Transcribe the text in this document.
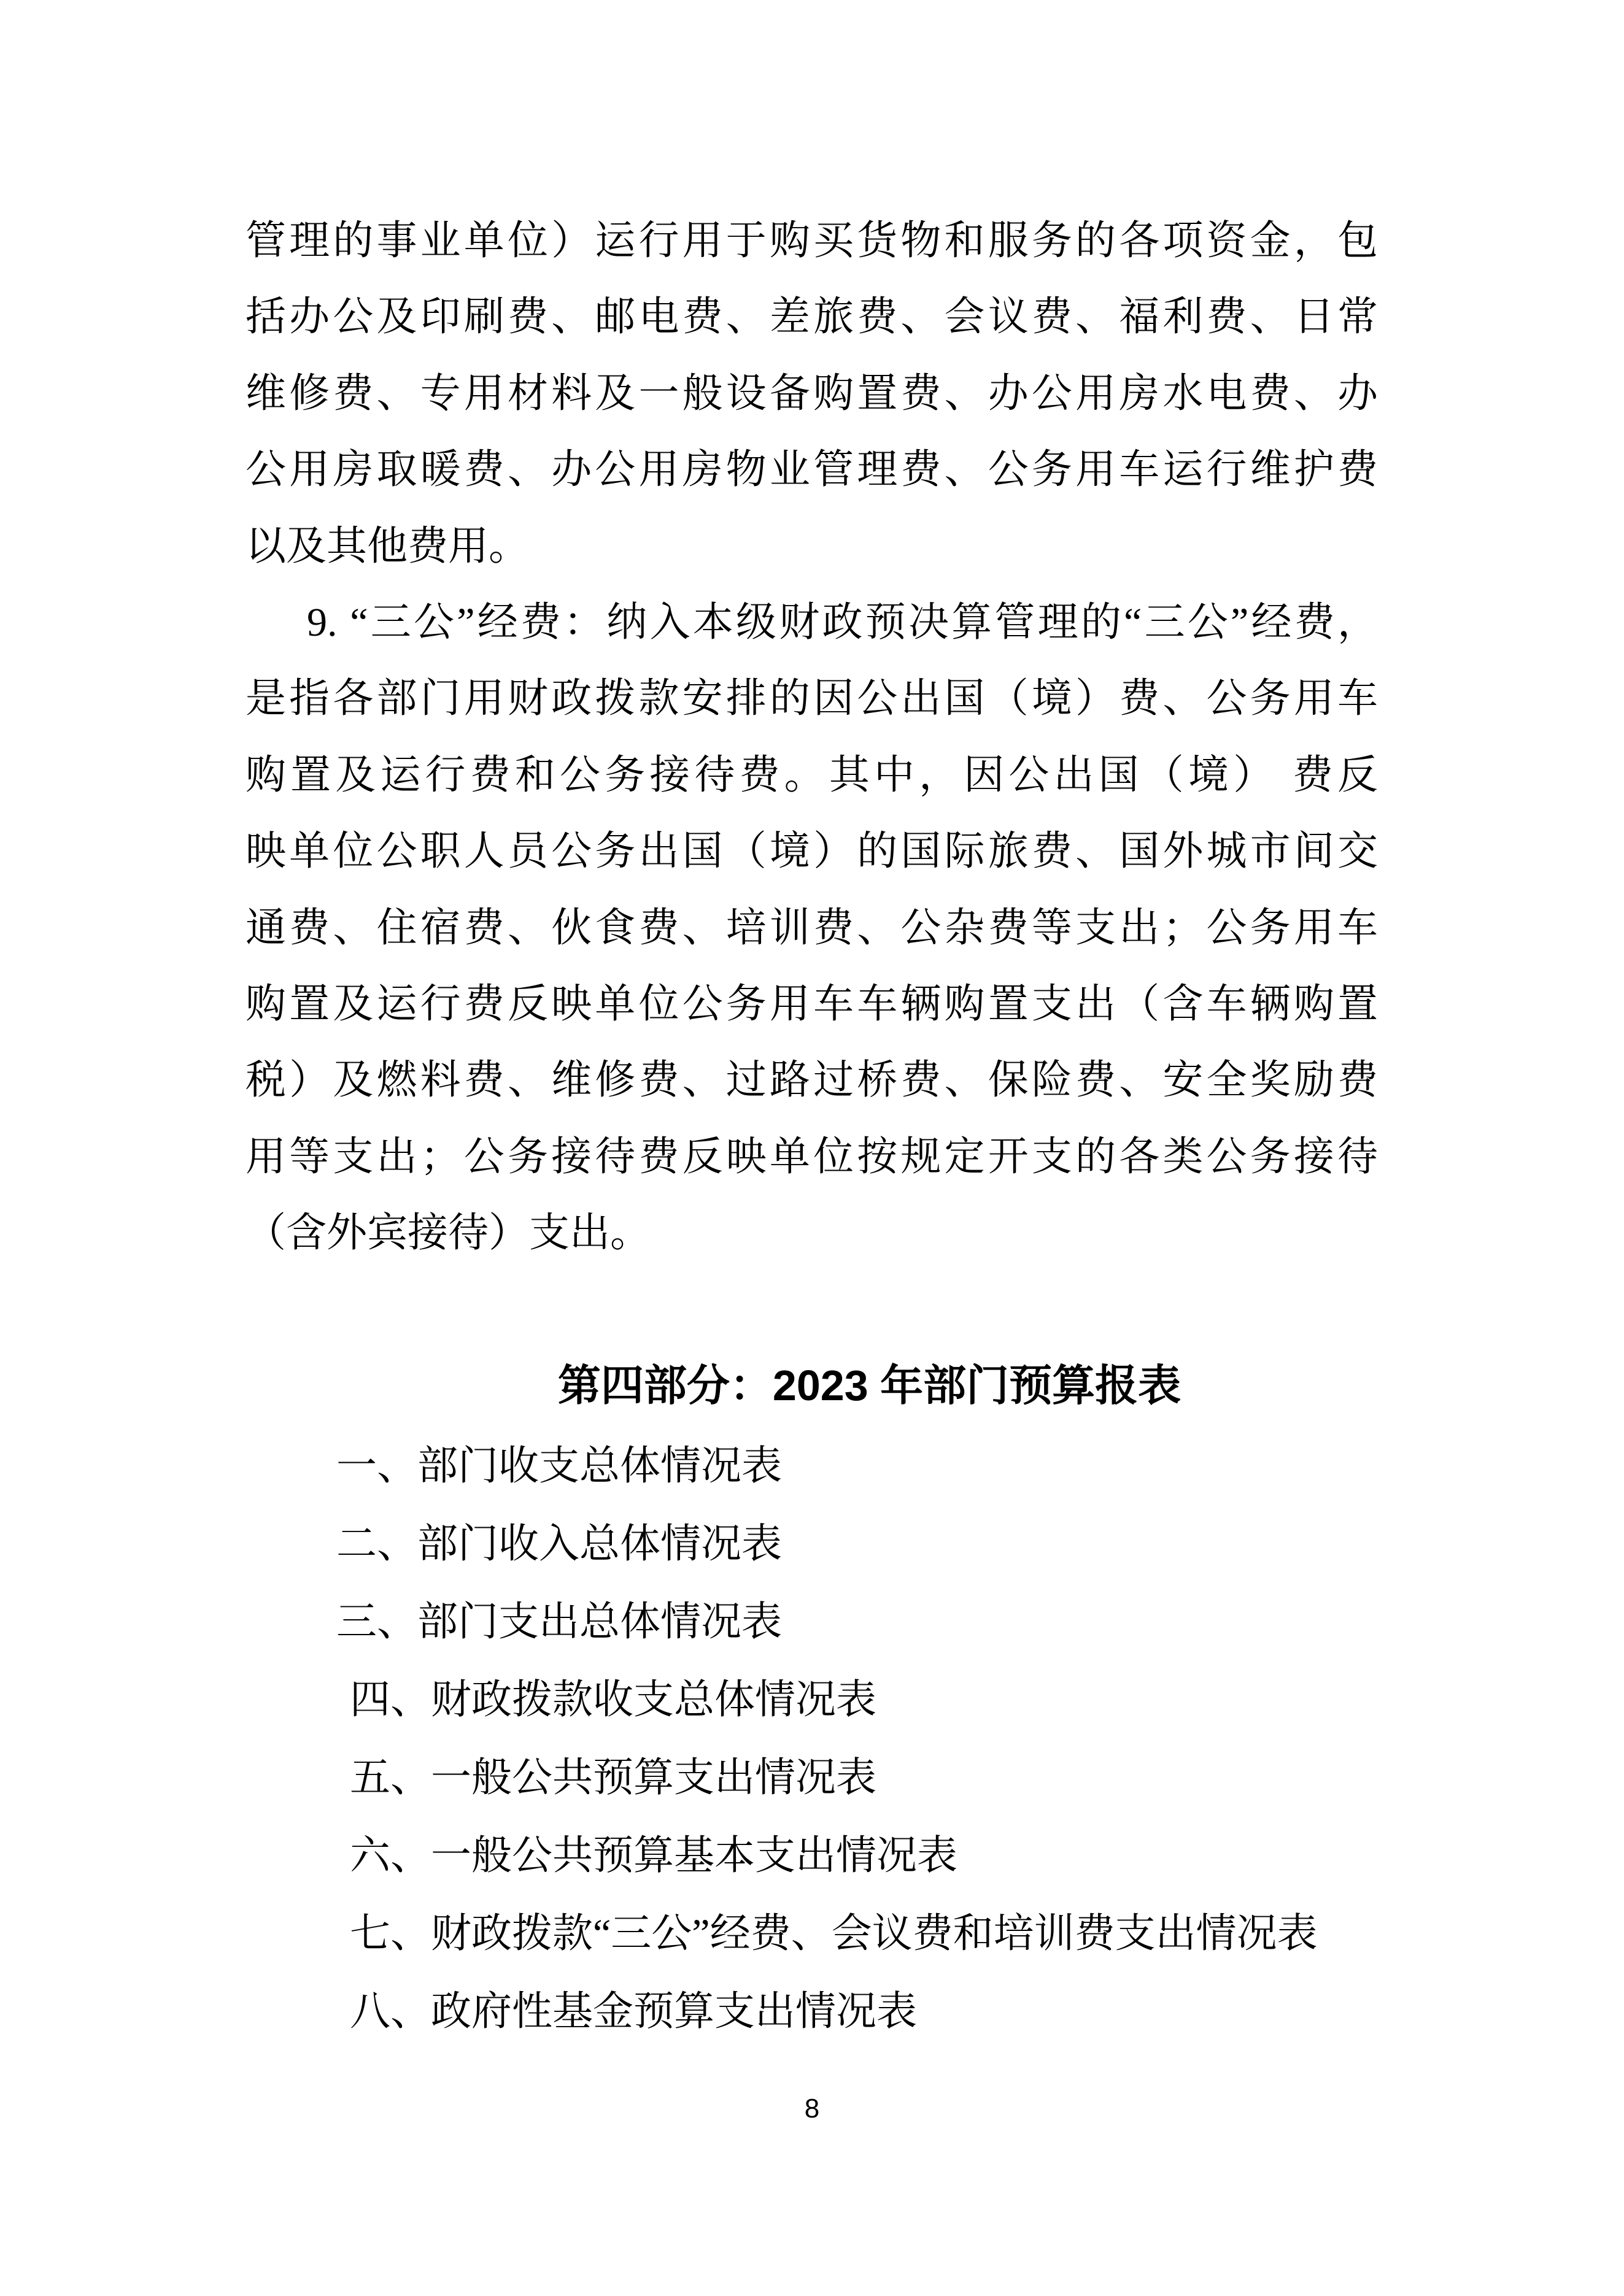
管理的事业单位）运行用于购买货物和服务的各项资金，包
括办公及印刷费、邮电费、差旅费、会议费、福利费、日常
维修费、专用材料及一般设备购置费、办公用房水电费、办
公用房取暖费、办公用房物业管理费、公务用车运行维护费
以及其他费用。
9. “三公”经费：纳入本级财政预决算管理的“三公”经费，
是指各部门用财政拨款安排的因公出国（境）费、公务用车
购置及运行费和公务接待费。其中，因公出国（境） 费反
映单位公职人员公务出国（境）的国际旅费、国外城市间交
通费、住宿费、伙食费、培训费、公杂费等支出；公务用车
购置及运行费反映单位公务用车车辆购置支出（含车辆购置
税）及燃料费、维修费、过路过桥费、保险费、安全奖励费
用等支出；公务接待费反映单位按规定开支的各类公务接待
（含外宾接待）支出。
第四部分：2023 年部门预算报表
一、部门收支总体情况表
二、部门收入总体情况表
三、部门支出总体情况表
四、财政拨款收支总体情况表
五、一般公共预算支出情况表
六、一般公共预算基本支出情况表
七、财政拨款“三公”经费、会议费和培训费支出情况表
八、政府性基金预算支出情况表
8
